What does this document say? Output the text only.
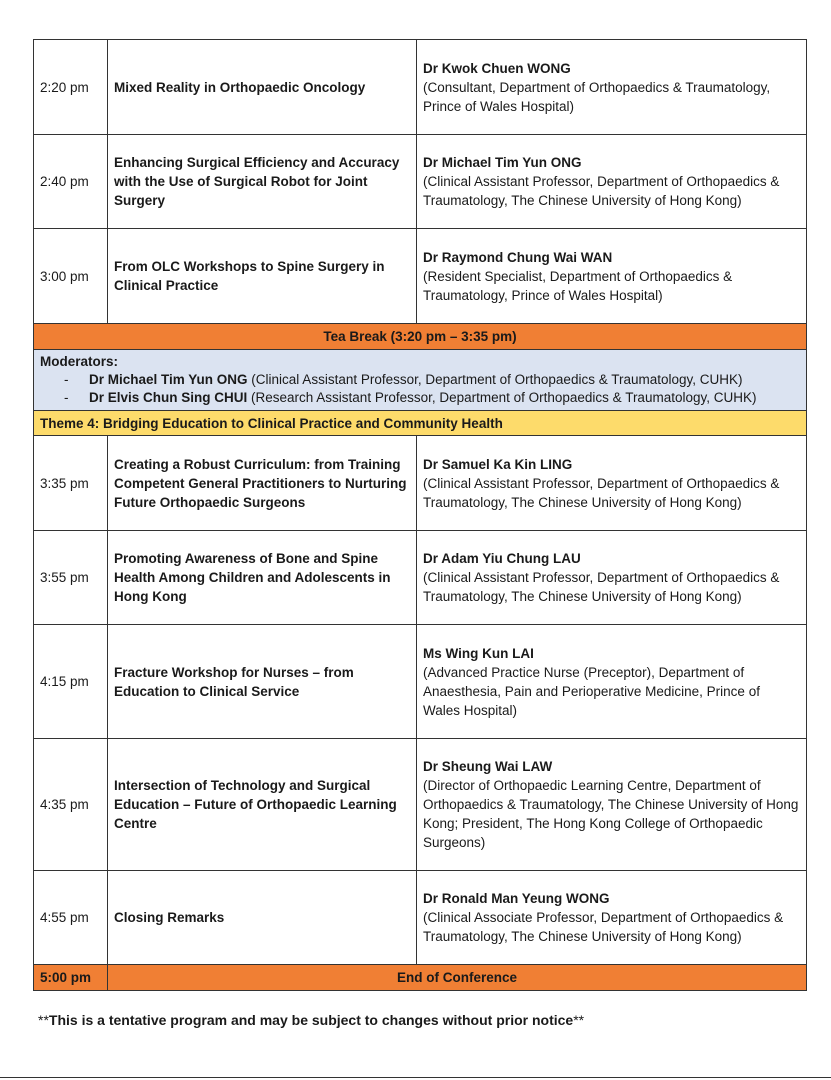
2:20 pm	Mixed Reality in Orthopaedic Oncology	Dr Kwok Chuen WONG
(Consultant, Department of Orthopaedics & Traumatology, Prince of Wales Hospital)

2:40 pm	Enhancing Surgical Efficiency and Accuracy with the Use of Surgical Robot for Joint Surgery	Dr Michael Tim Yun ONG
(Clinical Assistant Professor, Department of Orthopaedics & Traumatology, The Chinese University of Hong Kong)

3:00 pm	From OLC Workshops to Spine Surgery in Clinical Practice	Dr Raymond Chung Wai WAN
(Resident Specialist, Department of Orthopaedics & Traumatology, Prince of Wales Hospital)

Tea Break (3:20 pm – 3:35 pm)		

Moderators:
- Dr Michael Tim Yun ONG (Clinical Assistant Professor, Department of Orthopaedics & Traumatology, CUHK)
- Dr Elvis Chun Sing CHUI (Research Assistant Professor, Department of Orthopaedics & Traumatology, CUHK)		

Theme 4: Bridging Education to Clinical Practice and Community Health		
3:35 pm	Creating a Robust Curriculum: from Training Competent General Practitioners to Nurturing Future Orthopaedic Surgeons	Dr Samuel Ka Kin LING
(Clinical Assistant Professor, Department of Orthopaedics & Traumatology, The Chinese University of Hong Kong)

3:55 pm	Promoting Awareness of Bone and Spine Health Among Children and Adolescents in Hong Kong	Dr Adam Yiu Chung LAU
(Clinical Assistant Professor, Department of Orthopaedics & Traumatology, The Chinese University of Hong Kong)

4:15 pm	Fracture Workshop for Nurses – from Education to Clinical Service	Ms Wing Kun LAI
(Advanced Practice Nurse (Preceptor), Department of Anaesthesia, Pain and Perioperative Medicine, Prince of Wales Hospital)

4:35 pm	Intersection of Technology and Surgical Education – Future of Orthopaedic Learning Centre	Dr Sheung Wai LAW
(Director of Orthopaedic Learning Centre, Department of Orthopaedics & Traumatology, The Chinese University of Hong Kong; President, The Hong Kong College of Orthopaedic Surgeons)

4:55 pm	Closing Remarks	Dr Ronald Man Yeung WONG
(Clinical Associate Professor, Department of Orthopaedics & Traumatology, The Chinese University of Hong Kong)

5:00 pm	End of Conference	
**This is a tentative program and may be subject to changes without prior notice**
